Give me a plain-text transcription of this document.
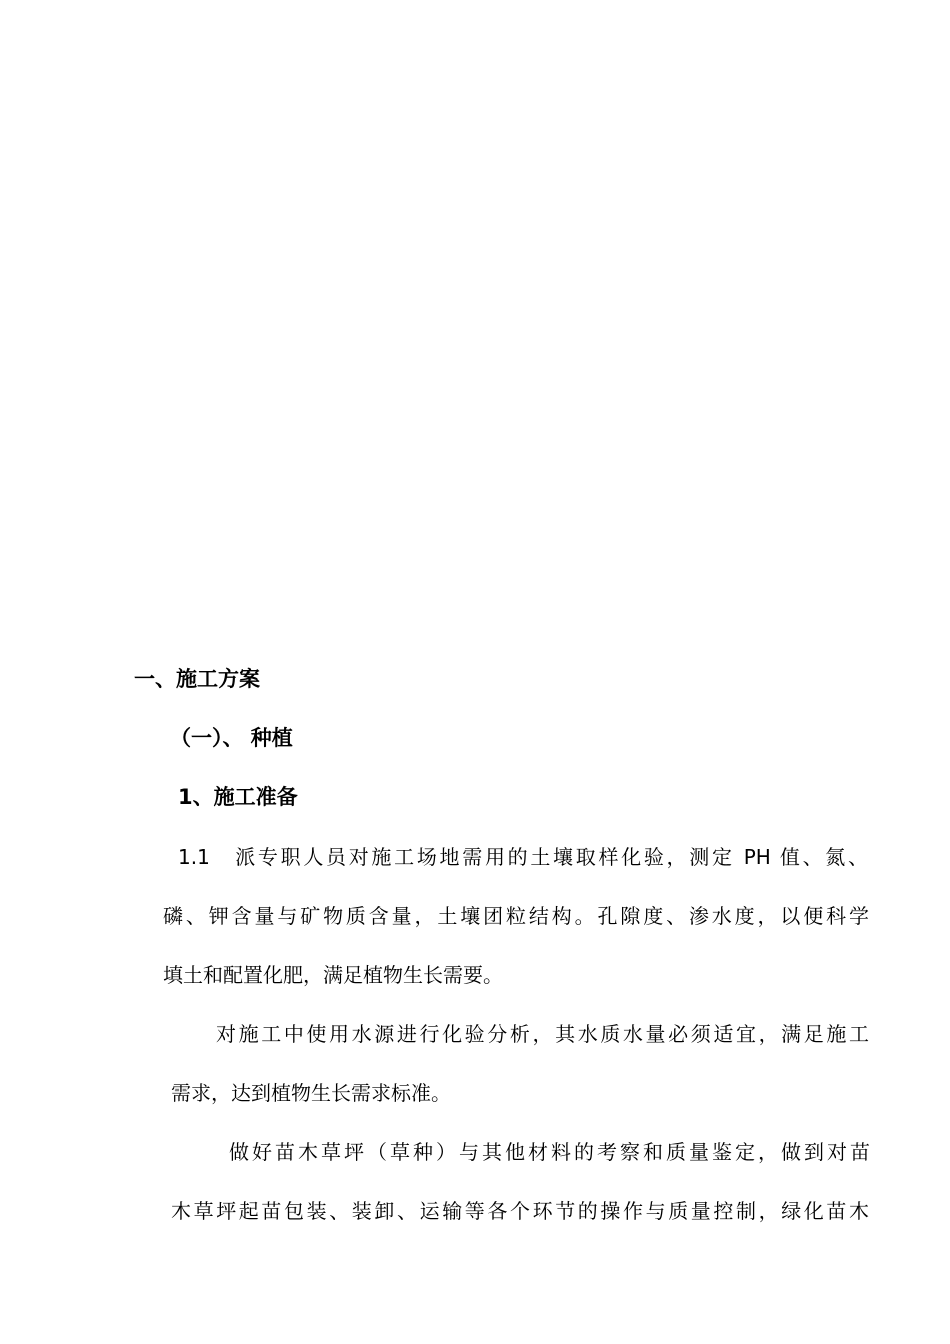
一、施工方案
（一）、 种植
1、施工准备
1.1　派专职人员对施工场地需用的土壤取样化验，测定 PH 值、氮、
磷、钾含量与矿物质含量，土壤团粒结构。孔隙度、渗水度，以便科学
填土和配置化肥，满足植物生长需要。
对施工中使用水源进行化验分析，其水质水量必须适宜，满足施工
需求，达到植物生长需求标准。
做好苗木草坪（草种）与其他材料的考察和质量鉴定，做到对苗
木草坪起苗包装、装卸、运输等各个环节的操作与质量控制，绿化苗木
